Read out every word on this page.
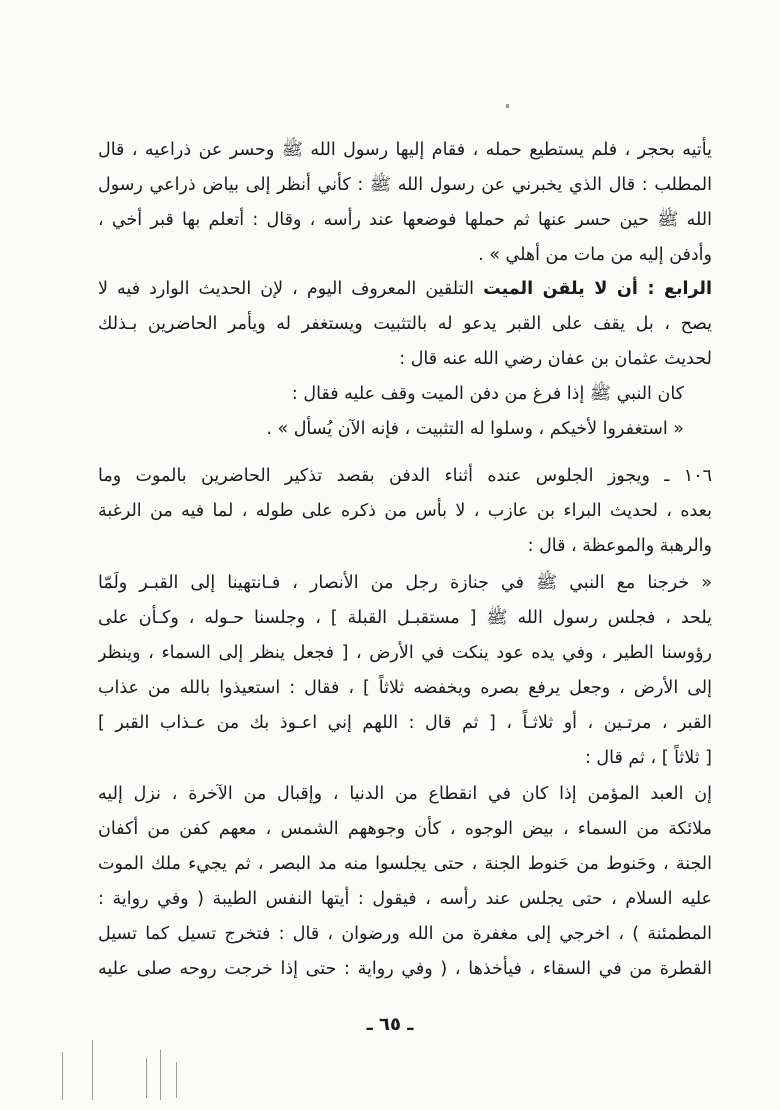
يأتيه بحجر ، فلم يستطيع حمله ، فقام إليها رسول الله ﷺ وحسر عن ذراعيه ، قال
المطلب : قال الذي يخبرني عن رسول الله ﷺ : كأني أنظر إلى بياض ذراعي رسول
الله ﷺ حين حسر عنها ثم حملها فوضعها عند رأسه ، وقال : أتعلم بها قبر أخي ،
وأدفن إليه من مات من أهلي » .
الرابع : أن لا يلقن الميت التلقين المعروف اليوم ، لإن الحديث الوارد فيه لا
يصح ، بل يقف على القبر يدعو له بالتثبيت ويستغفر له ويأمر الحاضرين بـذلك
لحديث عثمان بن عفان رضي الله عنه قال :
كان النبي ﷺ إذا فرغ من دفن الميت وقف عليه فقال :
« استغفروا لأخيكم ، وسلوا له التثبيت ، فإنه الآن يُسأل » .
١٠٦ ـ ويجوز الجلوس عنده أثناء الدفن بقصد تذكير الحاضرين بالموت وما
بعده ، لحديث البراء بن عازب ، لا بأس من ذكره على طوله ، لما فيه من الرغبة
والرهبة والموعظة ، قال :
« خرجنا مع النبي ﷺ في جنازة رجل من الأنصار ، فـانتهينا إلى القبـر ولَمّا
يلحد ، فجلس رسول الله ﷺ [ مستقبـل القبلة ] ، وجلسنا حـوله ، وكـأن على
رؤوسنا الطير ، وفي يده عود ينكت في الأرض ، [ فجعل ينظر إلى السماء ، وينظر
إلى الأرض ، وجعل يرفع بصره ويخفضه ثلاثاً ] ، فقال : استعيذوا بالله من عذاب
القبر ، مرتـين ، أو ثلاثـاً ، [ ثم قال : اللهم إني اعـوذ بك من عـذاب القبر ]
[ ثلاثاً ] ، ثم قال :
إن العبد المؤمن إذا كان في انقطاع من الدنيا ، وإقبال من الآخرة ، نزل إليه
ملائكة من السماء ، بيض الوجوه ، كأن وجوههم الشمس ، معهم كفن من أكفان
الجنة ، وحَنوط من حَنوط الجنة ، حتى يجلسوا منه مد البصر ، ثم يجيء ملك الموت
عليه السلام ، حتى يجلس عند رأسه ، فيقول : أيتها النفس الطيبة ( وفي رواية :
المطمئنة ) ، اخرجي إلى مغفرة من الله ورضوان ، قال : فتخرج تسيل كما تسيل
القطرة من في السقاء ، فيأخذها ، ( وفي رواية : حتى إذا خرجت روحه صلى عليه
ـ ٦٥ ـ
